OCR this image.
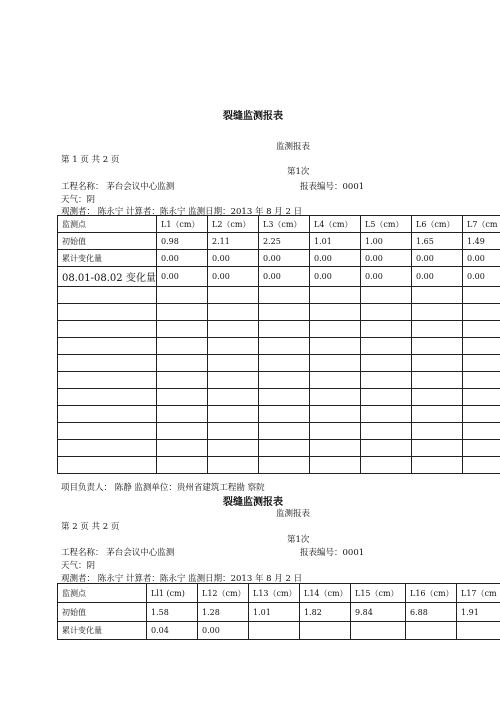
裂缝监测报表
监测报表
第 1 页 共 2 页
第1次
工程名称： 茅台会议中心监测	报表编号：0001
天气：阴
观测者： 陈永宁 计算者：陈永宁 监测日期：2013 年 8 月 2 日
监测点	L1（cm）	L2（cm）	L3（cm）	L4（cm）	L5（cm）	L6（cm）	L7（cm
初始值	0.98	2.11	2.25	1.01	1.00	1.65	1.49
累计变化量	0.00	0.00	0.00	0.00	0.00	0.00	0.00
08.01-08.02 变化量	0.00	0.00	0.00	0.00	0.00	0.00	0.00

项目负责人： 陈静 监测单位：贵州省建筑工程勘 察院
裂缝监测报表
监测报表
第 2 页 共 2 页
第1次
工程名称： 茅台会议中心监测	报表编号：0001
天气：阴
观测者： 陈永宁 计算者：陈永宁 监测日期：2013 年 8 月 2 日
监测点	Ll1 (cm)	L12（cm）	L13（cm）	L14（cm）	L15（cm）	L16（cm）	L17（cm
初始值	1.58	1.28	1.01	1.82	9.84	6.88	1.91
累计变化量	0.04	0.00					
